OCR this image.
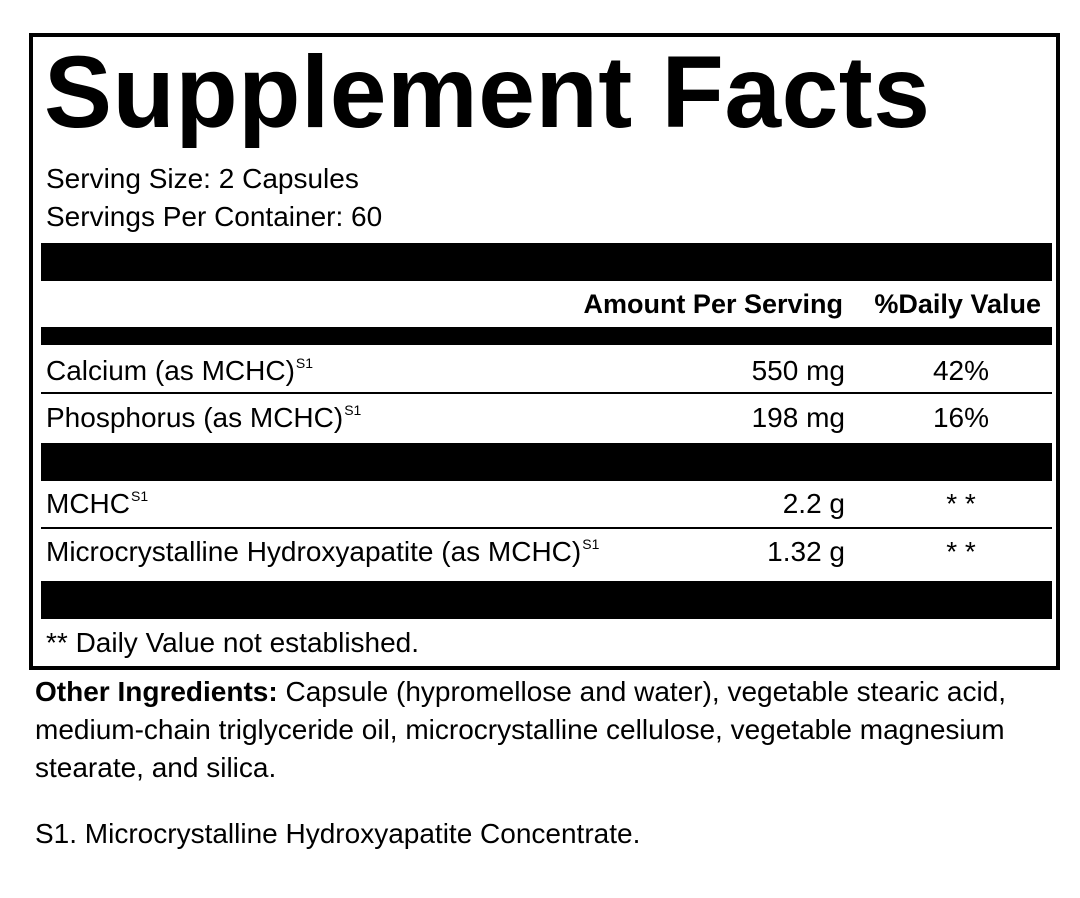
Supplement Facts
Serving Size: 2 Capsules
Servings Per Container: 60
Amount Per Serving %Daily Value
Calcium (as MCHC)$^{S1}$	550 mg	42%
Phosphorus (as MCHC)$^{S1}$	198 mg	16%
$MCHC^{S1}$	2.2 g	* *
Microcrystalline Hydroxyapatite (as MCHC)$^{S1}$	1.32 g	* *
** Daily Value not established.
Other Ingredients: Capsule (hypromellose and water), vegetable stearic acid, medium-chain triglyceride oil, microcrystalline cellulose, vegetable magnesium stearate, and silica.
S1. Microcrystalline Hydroxyapatite Concentrate.
